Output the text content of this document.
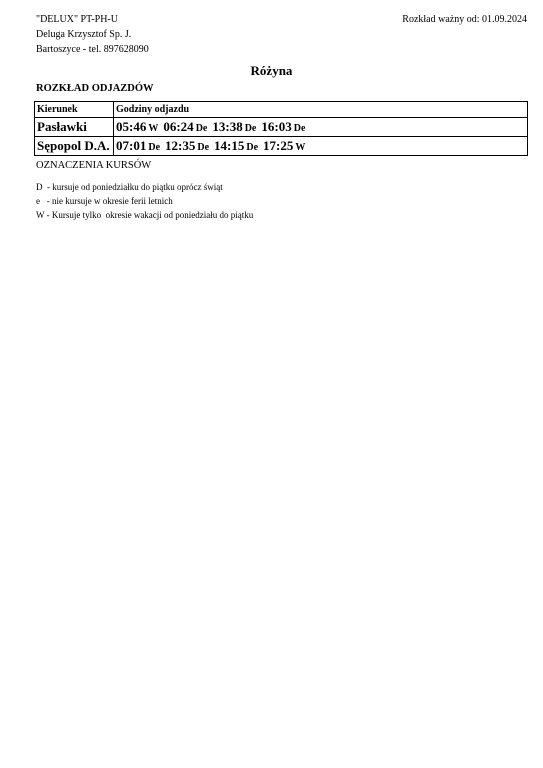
"DELUX" PT-PH-U
Deluga Krzysztof Sp. J.
Bartoszyce - tel. 897628090
Rozkład ważny od: 01.09.2024
Różyna
ROZKŁAD ODJAZDÓW
Kierunek	Godziny odjazdu
Pasławki	05:46 W 06:24 De 13:38 De 16:03 De
Sępopol D.A.	07:01 De 12:35 De 14:15 De 17:25 W
OZNACZENIA KURSÓW
D  - kursuje od poniedziałku do piątku oprócz świąt
e   - nie kursuje w okresie ferii letnich
W - Kursuje tylko  okresie wakacji od poniedziału do piątku
